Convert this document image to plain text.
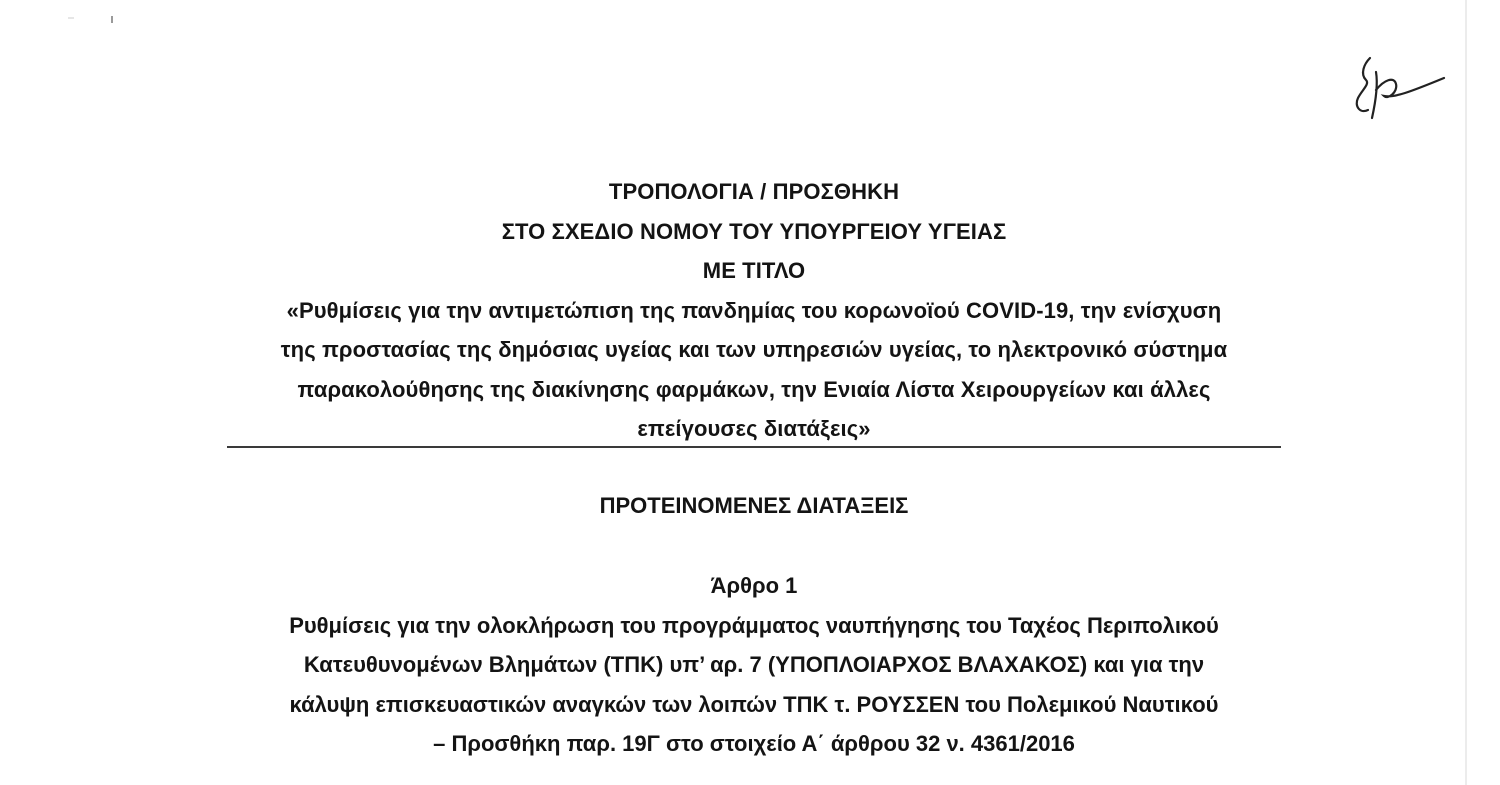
ΤΡΟΠΟΛΟΓΙΑ / ΠΡΟΣΘΗΚΗ
ΣΤΟ ΣΧΕΔΙΟ ΝΟΜΟΥ ΤΟΥ ΥΠΟΥΡΓΕΙΟΥ ΥΓΕΙΑΣ
ΜΕ ΤΙΤΛΟ
«Ρυθμίσεις για την αντιμετώπιση της πανδημίας του κορωνοϊού COVID-19, την ενίσχυση
της προστασίας της δημόσιας υγείας και των υπηρεσιών υγείας, το ηλεκτρονικό σύστημα
παρακολούθησης της διακίνησης φαρμάκων, την Ενιαία Λίστα Χειρουργείων και άλλες
επείγουσες διατάξεις»
ΠΡΟΤΕΙΝΟΜΕΝΕΣ ΔΙΑΤΑΞΕΙΣ
Άρθρο 1
Ρυθμίσεις για την ολοκλήρωση του προγράμματος ναυπήγησης του Ταχέος Περιπολικού
Κατευθυνομένων Βλημάτων (ΤΠΚ) υπ’ αρ. 7 (ΥΠΟΠΛΟΙΑΡΧΟΣ ΒΛΑΧΑΚΟΣ) και για την
κάλυψη επισκευαστικών αναγκών των λοιπών ΤΠΚ τ. ΡΟΥΣΣΕΝ του Πολεμικού Ναυτικού
– Προσθήκη παρ. 19Γ στο στοιχείο Α΄ άρθρου 32 ν. 4361/2016
